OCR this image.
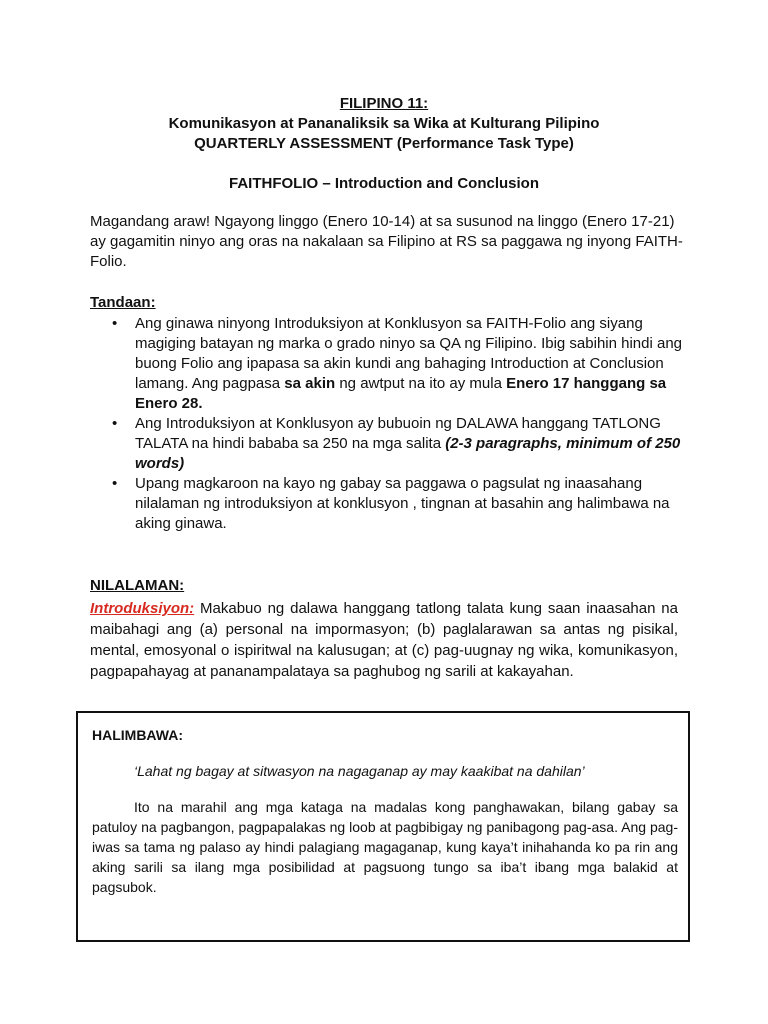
FILIPINO 11:
Komunikasyon at Pananaliksik sa Wika at Kulturang Pilipino
QUARTERLY ASSESSMENT (Performance Task Type)
FAITHFOLIO – Introduction and Conclusion
Magandang araw! Ngayong linggo (Enero 10-14) at sa susunod na linggo (Enero 17-21) ay gagamitin ninyo ang oras na nakalaan sa Filipino at RS sa paggawa ng inyong FAITH-Folio.
Tandaan:
• Ang ginawa ninyong Introduksiyon at Konklusyon sa FAITH-Folio ang siyang magiging batayan ng marka o grado ninyo sa QA ng Filipino. Ibig sabihin hindi ang buong Folio ang ipapasa sa akin kundi ang bahaging Introduction at Conclusion lamang. Ang pagpasa sa akin ng awtput na ito ay mula Enero 17 hanggang sa Enero 28.
• Ang Introduksiyon at Konklusyon ay bubuoin ng DALAWA hanggang TATLONG TALATA na hindi bababa sa 250 na mga salita (2-3 paragraphs, minimum of 250 words)
• Upang magkaroon na kayo ng gabay sa paggawa o pagsulat ng inaasahang nilalaman ng introduksiyon at konklusyon , tingnan at basahin ang halimbawa na aking ginawa.
NILALAMAN:
Introduksiyon: Makabuo ng dalawa hanggang tatlong talata kung saan inaasahan na maibahagi ang (a) personal na impormasyon; (b) paglalarawan sa antas ng pisikal, mental, emosyonal o ispiritwal na kalusugan; at (c) pag-uugnay ng wika, komunikasyon, pagpapahayag at pananampalataya sa paghubog ng sarili at kakayahan.
HALIMBAWA:
‘Lahat ng bagay at sitwasyon na nagaganap ay may kaakibat na dahilan’
Ito na marahil ang mga kataga na madalas kong panghawakan, bilang gabay sa patuloy na pagbangon, pagpapalakas ng loob at pagbibigay ng panibagong pag-asa. Ang pag-iwas sa tama ng palaso ay hindi palagiang magaganap, kung kaya’t inihahanda ko pa rin ang aking sarili sa ilang mga posibilidad at pagsuong tungo sa iba’t ibang mga balakid at pagsubok.
